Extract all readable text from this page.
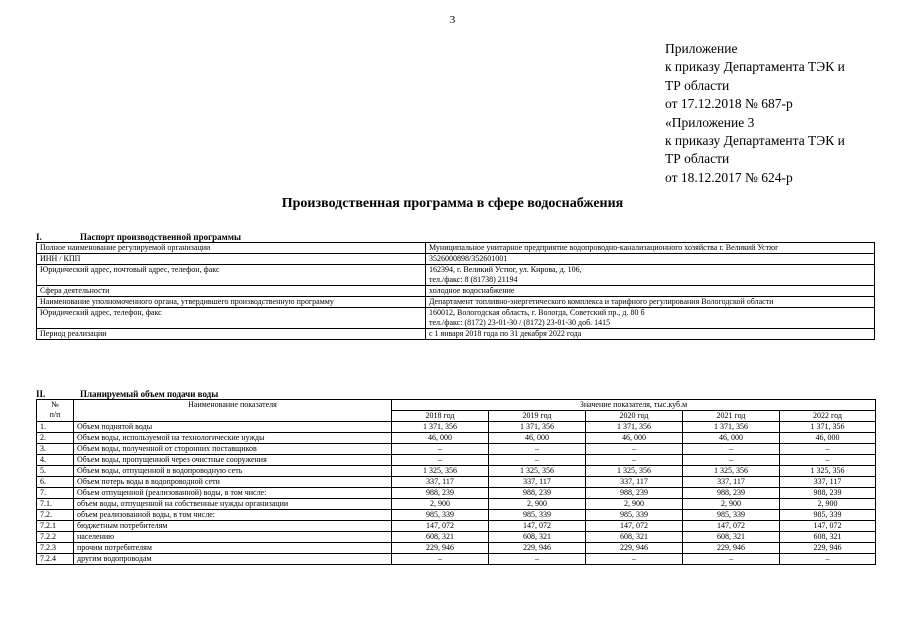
3
Приложение
к приказу Департамента ТЭК и
ТР области
от 17.12.2018 № 687-р
«Приложение 3
к приказу Департамента ТЭК и
ТР области
от 18.12.2017 № 624-р
Производственная программа в сфере водоснабжения
I.	Паспорт производственной программы
Полное наименование регулируемой организации	Муниципальное унитарное предприятие водопроводно-канализационного хозяйства г. Великий Устюг
ИНН / КПП	3526000898/352601001
Юридический адрес, почтовый адрес, телефон, факс	162394, г. Великий Устюг, ул. Кирова, д. 106,
тел./факс: 8 (81738) 21194
Сфера деятельности	холодное водоснабжение
Наименование уполномоченного органа, утвердившего производственную программу	Департамент топливно-энергетического комплекса и тарифного регулирования Вологодской области
Юридический адрес, телефон, факс	160012, Вологодская область, г. Вологда, Советский пр., д. 80 б
тел./факс: (8172) 23-01-30 / (8172) 23-01-30 доб. 1415
Период реализации	с 1 января 2018 года по 31 декабря 2022 года
II.	Планируемый объем подачи воды
№
п/п	Наименование показателя	Значение показателя, тыс.куб.м				
		2018 год	2019 год	2020 год	2021 год	2022 год
1.	Объем поднятой воды	1 371, 356	1 371, 356	1 371, 356	1 371, 356	1 371, 356
2.	Объем воды, используемой на технологические нужды	46, 000	46, 000	46, 000	46, 000	46, 000
3.	Объем воды, полученной от сторонних поставщиков	–	–	–	–	–
4.	Объем воды, пропущенной через очистные сооружения	–	–	–	–	–
5.	Объем воды, отпущенной в водопроводную сеть	1 325, 356	1 325, 356	1 325, 356	1 325, 356	1 325, 356
6.	Объем потерь воды в водопроводной сети	337, 117	337, 117	337, 117	337, 117	337, 117
7.	Объем отпущенной (реализованной) воды, в том числе:	988, 239	988, 239	988, 239	988, 239	988, 239
7.1.	объем воды, отпущенной на собственные нужды организации	2, 900	2, 900	2, 900	2, 900	2, 900
7.2.	объем реализованной воды, в том числе:	985, 339	985, 339	985, 339	985, 339	985, 339
7.2.1	бюджетным потребителям	147, 072	147, 072	147, 072	147, 072	147, 072
7.2.2	населению	608, 321	608, 321	608, 321	608, 321	608, 321
7.2.3	прочим потребителям	229, 946	229, 946	229, 946	229, 946	229, 946
7.2.4	другим водопроводам	–	–	–	–	–
